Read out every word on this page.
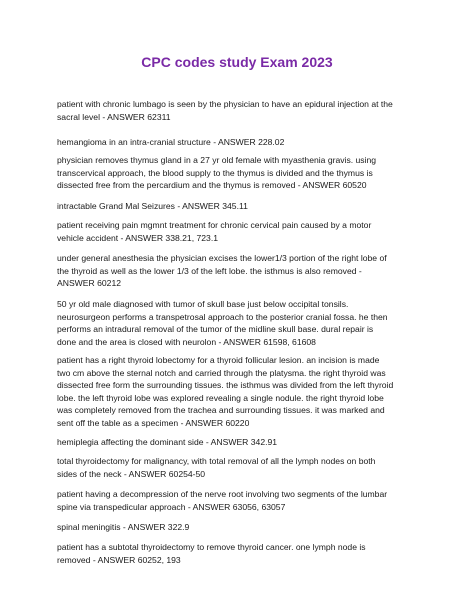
CPC codes study Exam 2023

patient with chronic lumbago is seen by the physician to have an epidural injection at the
sacral level - ANSWER 62311

hemangioma in an intra-cranial structure - ANSWER 228.02

physician removes thymus gland in a 27 yr old female with myasthenia gravis. using
transcervical approach, the blood supply to the thymus is divided and the thymus is
dissected free from the percardium and the thymus is removed - ANSWER 60520

intractable Grand Mal Seizures - ANSWER 345.11

patient receiving pain mgmnt treatment for chronic cervical pain caused by a motor
vehicle accident - ANSWER 338.21, 723.1

under general anesthesia the physician excises the lower1/3 portion of the right lobe of
the thyroid as well as the lower 1/3 of the left lobe. the isthmus is also removed -
ANSWER 60212

50 yr old male diagnosed with tumor of skull base just below occipital tonsils.
neurosurgeon performs a transpetrosal approach to the posterior cranial fossa. he then
performs an intradural removal of the tumor of the midline skull base. dural repair is
done and the area is closed with neurolon - ANSWER 61598, 61608

patient has a right thyroid lobectomy for a thyroid follicular lesion. an incision is made
two cm above the sternal notch and carried through the platysma. the right thyroid was
dissected free form the surrounding tissues. the isthmus was divided from the left thyroid
lobe. the left thyroid lobe was explored revealing a single nodule. the right thyroid lobe
was completely removed from the trachea and surrounding tissues. it was marked and
sent off the table as a specimen - ANSWER 60220

hemiplegia affecting the dominant side - ANSWER 342.91

total thyroidectomy for malignancy, with total removal of all the lymph nodes on both
sides of the neck - ANSWER 60254-50

patient having a decompression of the nerve root involving two segments of the lumbar
spine via transpedicular approach - ANSWER 63056, 63057

spinal meningitis - ANSWER 322.9

patient has a subtotal thyroidectomy to remove thyroid cancer. one lymph node is
removed - ANSWER 60252, 193
